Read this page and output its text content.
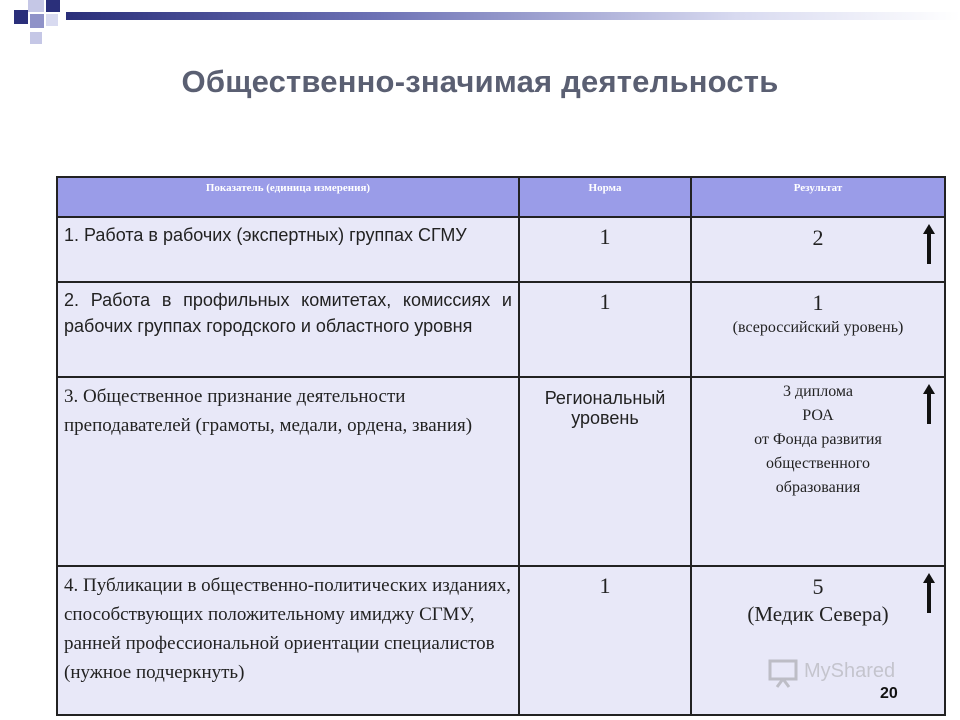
Общественно-значимая деятельность
Показатель (единица измерения)	Норма	Результат
1. Работа в рабочих (экспертных) группах СГМУ	1	2

2. Работа в профильных комитетах, комиссиях и рабочих группах городского и областного уровня	1	1
(всероссийский уровень)

3. Общественное признание деятельности преподавателей (грамоты, медали, ордена, звания)	Региональный уровень	3 диплома
РОА
от Фонда развития
общественного
образования

4. Публикации в общественно-политических изданиях, способствующих положительному имиджу СГМУ, ранней профессиональной ориентации специалистов (нужное подчеркнуть)	1	5
(Медик Севера)
MyShared
20
